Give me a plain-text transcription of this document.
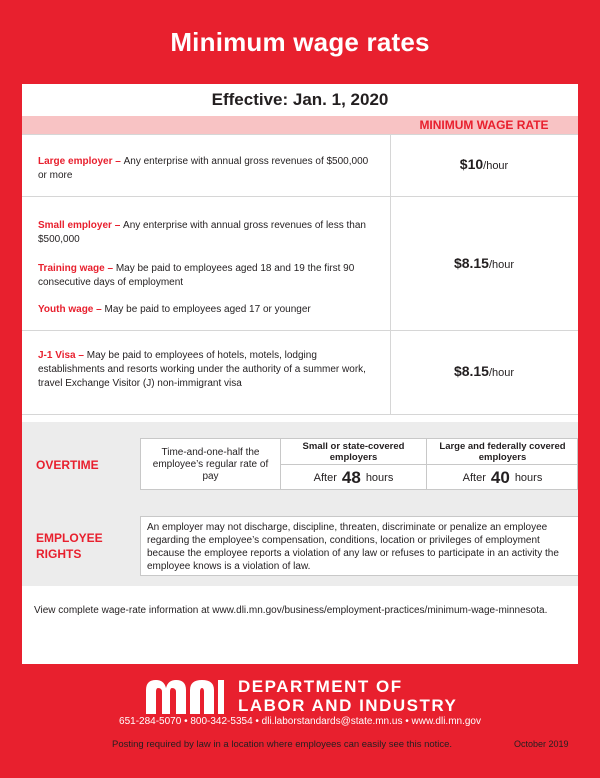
Minimum wage rates
Effective: Jan. 1, 2020
MINIMUM WAGE RATE
Large employer – Any enterprise with annual gross revenues of $500,000 or more
$10/hour
Small employer – Any enterprise with annual gross revenues of less than $500,000
Training wage – May be paid to employees aged 18 and 19 the first 90 consecutive days of employment
Youth wage – May be paid to employees aged 17 or younger
$8.15/hour
J-1 Visa – May be paid to employees of hotels, motels, lodging establishments and resorts working under the authority of a summer work, travel Exchange Visitor (J) non-immigrant visa
$8.15/hour
OVERTIME
Time-and-one-half the employee’s regular rate of pay
Small or state-covered employers
After 48 hours
Large and federally covered employers
After 40 hours
EMPLOYEE
RIGHTS
An employer may not discharge, discipline, threaten, discriminate or penalize an employee regarding the employee’s compensation, conditions, location or privileges of employment because the employee reports a violation of any law or refuses to participate in an activity the employee knows is a violation of law.
View complete wage-rate information at www.dli.mn.gov/business/employment-practices/minimum-wage-minnesota.
DEPARTMENT OF
LABOR AND INDUSTRY
651-284-5070 • 800-342-5354 • dli.laborstandards@state.mn.us • www.dli.mn.gov
Posting required by law in a location where employees can easily see this notice.	October 2019
